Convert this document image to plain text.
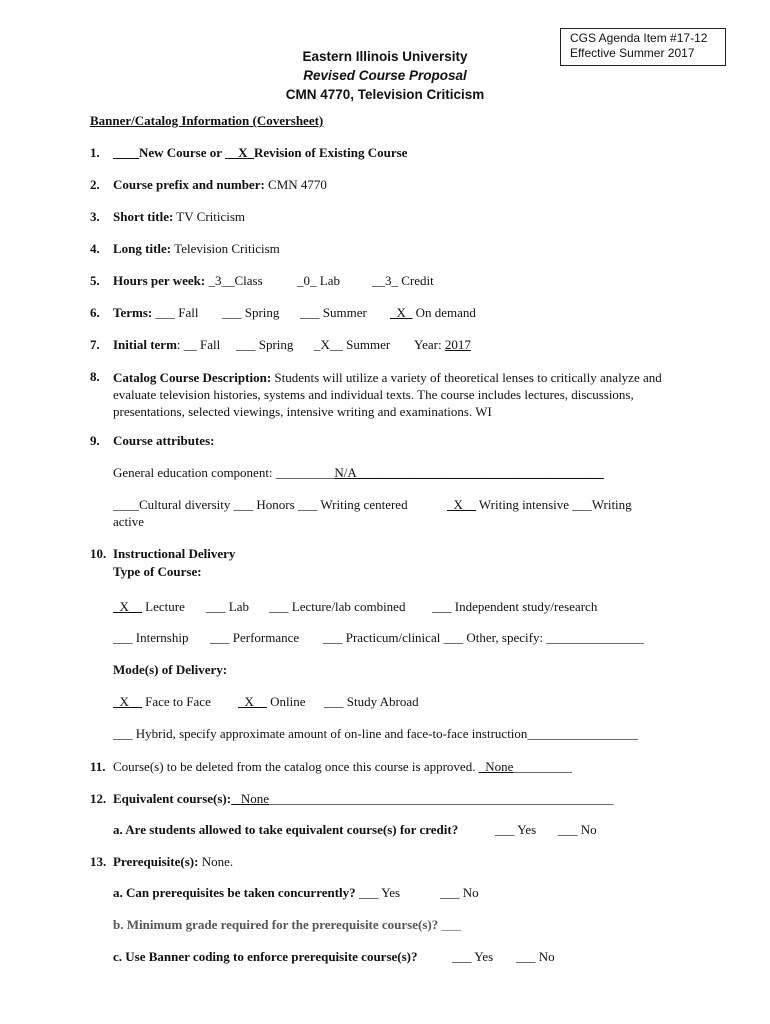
CGS Agenda Item #17-12
Effective Summer 2017
Eastern Illinois University
Revised Course Proposal
CMN 4770, Television Criticism
Banner/Catalog Information (Coversheet)
1. ____New Course or __X_Revision of Existing Course
2. Course prefix and number: CMN 4770
3. Short title: TV Criticism
4. Long title: Television Criticism
5. Hours per week: _3__Class	_0_ Lab __3_ Credit
6. Terms: ___ Fall ___ Spring ___ Summer _X_ On demand
7. Initial term: __ Fall ___ Spring _X__ Summer Year: 2017
8. Catalog Course Description: Students will utilize a variety of theoretical lenses to critically analyze and evaluate television histories, systems and individual texts. The course includes lectures, discussions, presentations, selected viewings, intensive writing and examinations. WI
9. Course attributes:
General education component: _________N/A______________________________________
____Cultural diversity ___ Honors ___ Writing centered	_X__ Writing intensive ___Writing
active
10. Instructional Delivery
Type of Course:
_X__ Lecture ___ Lab ___ Lecture/lab combined ___ Independent study/research
___ Internship ___ Performance ___ Practicum/clinical ___ Other, specify: _______________
Mode(s) of Delivery:
_X__ Face to Face _X__ Online ___ Study Abroad
___ Hybrid, specify approximate amount of on-line and face-to-face instruction_________________
11. Course(s) to be deleted from the catalog once this course is approved. _None_________
12. Equivalent course(s): _None_____________________________________________________
a. Are students allowed to take equivalent course(s) for credit?	___ Yes ___ No
13. Prerequisite(s): None.
a. Can prerequisites be taken concurrently? ___ Yes	___ No
b. Minimum grade required for the prerequisite course(s)? ___
c. Use Banner coding to enforce prerequisite course(s)?	___ Yes ___ No
